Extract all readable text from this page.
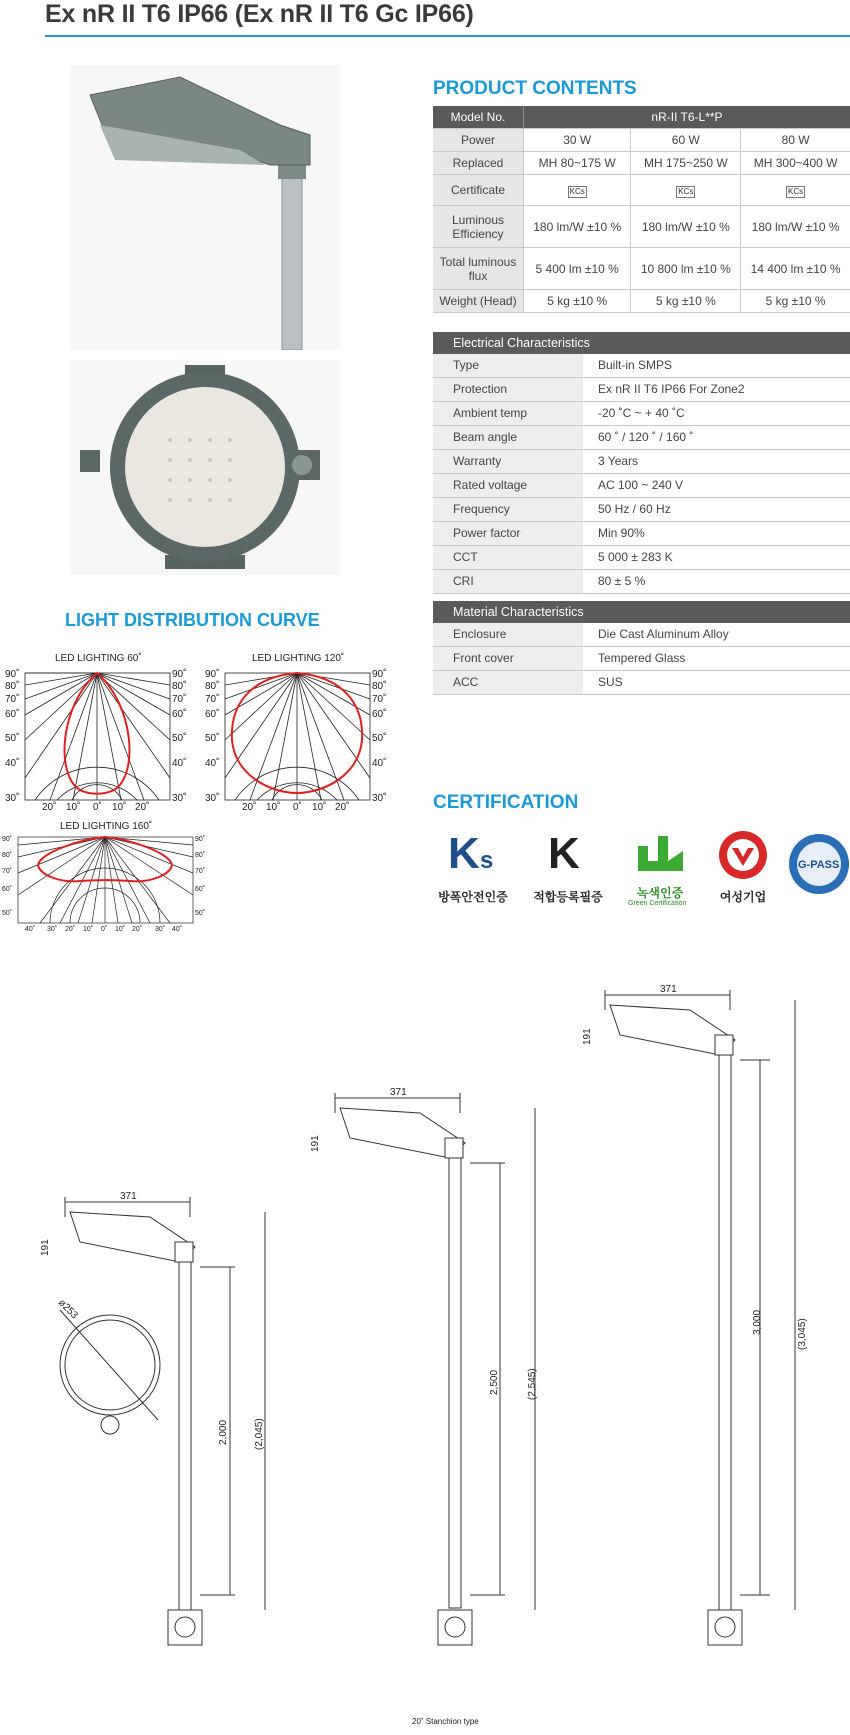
Ex nR II T6 IP66 (Ex nR II T6 Gc IP66)
PRODUCT CONTENTS
Model No.	nR-II T6-L**P		
Power	30 W	60 W	80 W
Replaced	MH 80~175 W	MH 175~250 W	MH 300~400 W
Certificate	KCs	KCs	KCs
Luminous Efficiency	180 lm/W ±10 %	180 lm/W ±10 %	180 lm/W ±10 %
Total luminous flux	5 400 lm ±10 %	10 800 lm ±10 %	14 400 lm ±10 %
Weight (Head)	5 kg ±10 %	5 kg ±10 %	5 kg ±10 %
Electrical Characteristics
Type	Built-in SMPS
Protection	Ex nR II T6 IP66 For Zone2
Ambient temp	-20 ˚C ~ + 40 ˚C
Beam angle	60 ˚ / 120 ˚ / 160 ˚
Warranty	3 Years
Rated voltage	AC 100 ~ 240 V
Frequency	50 Hz / 60 Hz
Power factor	Min 90%
CCT	5 000 ± 283 K
CRI	80 ± 5 %
Material Characteristics
Enclosure	Die Cast Aluminum Alloy
Front cover	Tempered Glass
ACC	SUS
LIGHT DISTRIBUTION CURVE
LED LIGHTING 60˚
90˚
80˚
70˚
60˚
50˚
40˚
30˚
90˚
80˚
70˚
60˚
50˚
40˚
30˚
20˚ 10˚ 0˚ 10˚ 20˚
LED LIGHTING 120˚
90˚
80˚
70˚
60˚
50˚
40˚
30˚
90˚
80˚
70˚
60˚
50˚
40˚
30˚
20˚ 10˚ 0˚ 10˚ 20˚
LED LIGHTING 160˚
90˚
80˚
70˚
60˚
50˚
90˚
80˚
70˚
60˚
50˚
40˚ 30˚ 20˚ 10˚ 0˚ 10˚ 20˚ 30˚ 40˚
CERTIFICATION
K s
방폭안전인증
K
적합등록필증	녹색인증
Green Certification	여성기업
G-PASS
371
371
371
191
191
191
ø253
3,000	(3,045)
2,500	(2,545)
2,000	(2,045)
20˚ Stanchion type
